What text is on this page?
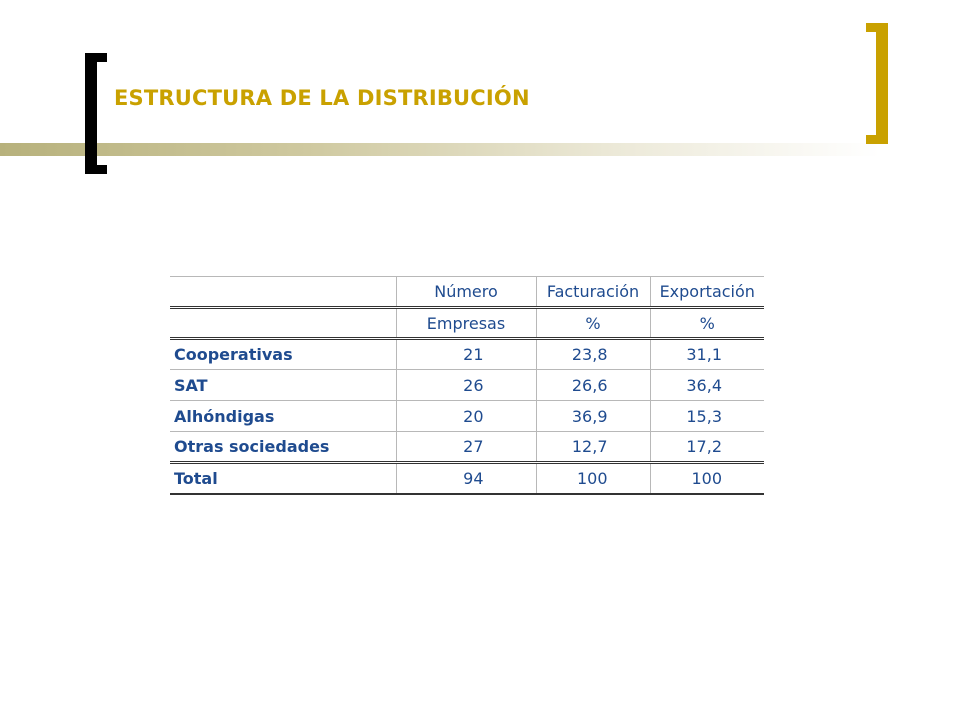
ESTRUCTURA DE LA DISTRIBUCIÓN
	Número	Facturación	Exportación
	Empresas	%	%
Cooperativas	21	23,8	31,1
SAT	26	26,6	36,4
Alhóndigas	20	36,9	15,3
Otras sociedades	27	12,7	17,2
Total	94	100	100
